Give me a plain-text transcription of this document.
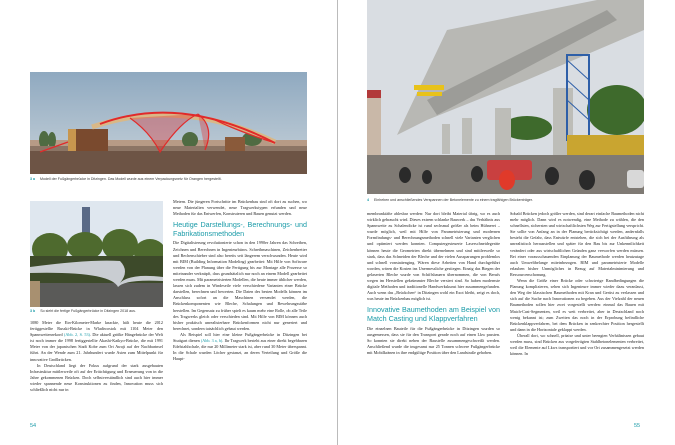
3 a Modell der Fußgängerbrücke in Ditzingen. Das Modell wurde aus einem Verpackungsnetz für Orangen hergestellt.
3 b So sieht die fertige Fußgängerbrücke in Ditzingen 2018 aus.

1080 Meter die Ein-Kilometer-Marke knackte, hält heute die 2012 fertiggestellte Russki-Brücke in Wladiwostok mit 1104 Meter den Spannweitenrekord (Abb. 2, S. 53). Die aktuell größte Hängebrücke der Welt ist noch immer die 1998 fertiggestellte Akashi-Kaikyo-Brücke, die mit 1991 Meter von der japanischen Stadt Kobe zum Ort Awaji auf der Nachbarinsel führt. An der Wende zum 21. Jahrhundert wurde Asien zum Mittelpunkt für innovative Großbrücken.

In Deutschland liegt der Fokus aufgrund der stark ausgebauten Infrastruktur mittlerweile oft auf der Ertüchtigung und Erneuerung von in die Jahre gekommenen Brücken. Doch selbstverständlich sind auch hier immer wieder spannende neue Konstruktionen zu finden, Innovation muss sich schließlich nicht nur in

Metern. Die jüngeren Fortschritte im Brückenbau sind oft dort zu suchen, wo neue Materialien verwendet, neue Tragwerkstypen erfunden und neue Methoden für das Entwerfen, Konstruieren und Bauen genutzt werden.

Heutige Darstellungs-, Berechnungs- und Fabrikationsmethoden

Die Digitalisierung revolutionierte schon in den 1990er Jahren das Schreiben, Zeichnen und Berechnen in Ingenieurbüros. Schreibmaschinen, Zeichenbretter und Rechenschieber sind also bereits seit längerem verschwunden. Heute wird mit BIM (Building Information Modeling) gearbeitet: Mit Hilfe von Software werden von der Planung über die Fertigung bis zur Montage alle Prozesse so miteinander verknüpft, dass grundsätzlich nur noch an einem Modell gearbeitet werden muss. Mit parametrisierten Modellen, die heute immer üblicher werden, lassen sich zudem in Windeseile viele verschiedene Varianten einer Brücke darstellen, berechnen und bewerten. Die Daten des besten Modells können im Anschluss sofort an die Maschinen versendet werden, die Brückenkomponenten wie Bleche, Schalungen und Bewehrungsstäbe herstellen. Im Gegensatz zu früher spielt es kaum mehr eine Rolle, ob alle Teile des Tragwerks gleich oder verschieden sind. Mit Hilfe von BIM können auch bisher praktisch unrealisierbare Brückenformen nicht nur generiert und berechnet, sondern tatsächlich gebaut werden.

Als Beispiel soll hier eine kleine Fußgängerbrücke in Ditzingen bei Stuttgart dienen (Abb. 3 a, b). Ihr Tragwerk besteht aus einer direkt begehbaren Edelstahlschale, die nur 20 Millimeter stark ist, aber rund 30 Meter überspannt. In die Schale wurden Löcher gestanzt, an deren Verteilung und Größe die Haupt-

54
4 Einheben und anschließendes Verspannen der Betonelemente zu einem tragfähigen Brückenträger.

membranktäfte ablesbar werden: Nur dort bleibt Material übrig, wo es auch wirklich gebraucht wird. Dieses extrem schlanke Bauwerk – das Verhältnis aus Spannweite zu Schalendicke ist rund sechsmal größer als beim Hühnerei – wurde möglich, weil mit Hilfe von Parametrisierung und modernen Formfindungs- und Berechnungsmethoden schnell viele Varianten verglichen und optimiert werden konnten. Computergesteuerte Laserschneidegeräte können heute die Geometrien direkt übernehmen und sind mittlerweile so stark, dass das Schneiden der Bleche und der vielen Aussparungen problemlos und schnell vonstattenging. Wären diese Arbeiten von Hand durchgeführt worden, wären die Kosten ins Unermessliche gestiegen. Einzig das Biegen der gelaserten Bleche wurde von Schiffsbauern übernommen, die von Berufs wegen im Herstellen gekrümmter Bleche versiert sind. So haben modernste digitale Methoden und traditionelle Handwerkskunst hier zusammengefunden. Auch wenn das „Brückchen“ in Ditzingen wohl ein Exot bleibt, zeigt es doch, was heute im Brückenbau möglich ist.

Innovative Baumethoden am Beispiel von Match Casting und Klappverfahren

Die einzelnen Bauteile für die Fußgängerbrücke in Ditzingen wurden so ausgemessen, dass sie für den Transport gerade noch auf einen Lkw passten. So konnten sie direkt neben der Baustelle zusammengeschweißt werden. Anschließend wurde die insgesamt nur 25 Tonnen schwere Fußgängerbrücke mit Mobilkränen in ihre endgültige Position über den Landstraße gehoben.

Sobald Brücken jedoch größer werden, sind derart einfache Baumethoden nicht mehr möglich. Dann wird es notwendig, eine Methode zu wählen, die den schnellsten, sichersten und wirtschaftlichsten Weg zur Fertigstellung verspricht. Sie sollte von Anfang an in der Planung berücksichtigt werden, andernfalls besteht die Gefahr, dass Entwürfe entstehen, die sich bei der Ausführung als unrealistisch herausstellen und später für den Bau bis zur Unkenntlichkeit verändert oder aus wirtschaftlichen Gründen ganz verworfen werden müssen. Bei einer vorausschauenden Einplanung der Baumethode werden heutzutage auch Umweltbelange miteinbezogen. BIM und parametrisierte Modelle erlauben bisher Unmögliches in Bezug auf Materialminimierung und Ressourcenschonung.

Wenn die Größe einer Brücke oder schwierige Randbedingungen die Planung komplizieren, sehen sich Ingenieure immer wieder dazu veranlasst, den Weg der klassischen Baumethoden mit Kran und Gerüst zu verlassen und sich auf die Suche nach Innovationen zu begeben. Aus der Vielzahl der neuen Baumethoden sollen hier zwei vorgestellt werden: einmal das Bauen mit Match-Cast-Segmenten, weil es weit verbreitet, aber in Deutschland noch wenig bekannt ist; zum Zweiten das noch in der Erprobung befindliche Brückenklappverfahren, bei dem Brücken in senkrechter Position hergestellt und dann in die Horizontale geklappt werden.

Überall dort, wo schnell, präzise und unter beengten Verhältnissen gebaut werden muss, sind Brücken aus vorgefertigten Stahlbetonelementen verbreitet, weil die Elemente auf Lkws transportiert und vor Ort zusammengesetzt werden können. In

55
